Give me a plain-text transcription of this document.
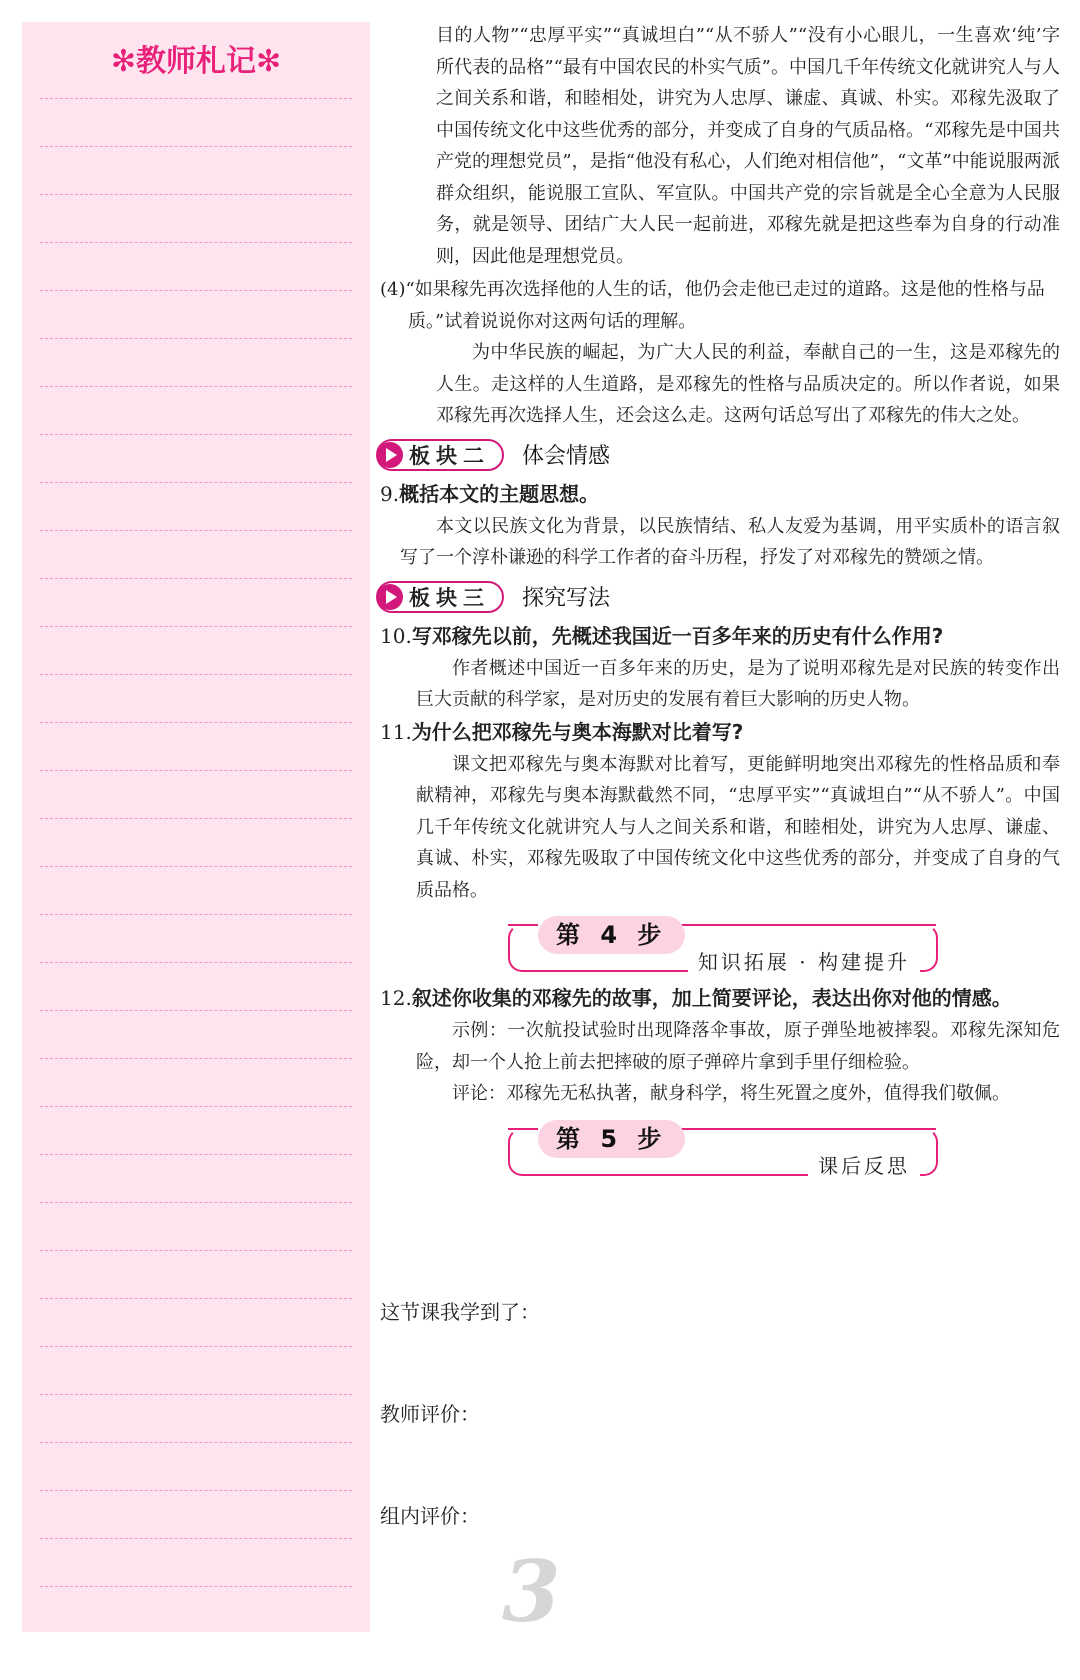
✻教师札记✻

目的人物”“忠厚平实”“真诚坦白”“从不骄人”“没有小心眼儿，一生喜欢‘纯’字所代表的品格”“最有中国农民的朴实气质”。中国几千年传统文化就讲究人与人之间关系和谐，和睦相处，讲究为人忠厚、谦虚、真诚、朴实。邓稼先汲取了中国传统文化中这些优秀的部分，并变成了自身的气质品格。“邓稼先是中国共产党的理想党员”，是指“他没有私心，人们绝对相信他”，“文革”中能说服两派群众组织，能说服工宣队、军宣队。中国共产党的宗旨就是全心全意为人民服务，就是领导、团结广大人民一起前进，邓稼先就是把这些奉为自身的行动准则，因此他是理想党员。

(4)“如果稼先再次选择他的人生的话，他仍会走他已走过的道路。这是他的性格与品质。”试着说说你对这两句话的理解。

为中华民族的崛起，为广大人民的利益，奉献自己的一生，这是邓稼先的人生。走这样的人生道路，是邓稼先的性格与品质决定的。所以作者说，如果邓稼先再次选择人生，还会这么走。这两句话总写出了邓稼先的伟大之处。

板块二 体会情感

9.概括本文的主题思想。

本文以民族文化为背景，以民族情结、私人友爱为基调，用平实质朴的语言叙写了一个淳朴谦逊的科学工作者的奋斗历程，抒发了对邓稼先的赞颂之情。

板块三 探究写法

10.写邓稼先以前，先概述我国近一百多年来的历史有什么作用?

作者概述中国近一百多年来的历史，是为了说明邓稼先是对民族的转变作出巨大贡献的科学家，是对历史的发展有着巨大影响的历史人物。

11.为什么把邓稼先与奥本海默对比着写?

课文把邓稼先与奥本海默对比着写，更能鲜明地突出邓稼先的性格品质和奉献精神，邓稼先与奥本海默截然不同，“忠厚平实”“真诚坦白”“从不骄人”。中国几千年传统文化就讲究人与人之间关系和谐，和睦相处，讲究为人忠厚、谦虚、真诚、朴实，邓稼先吸取了中国传统文化中这些优秀的部分，并变成了自身的气质品格。

第 4 步
知识拓展 · 构建提升

12.叙述你收集的邓稼先的故事，加上简要评论，表达出你对他的情感。

示例：一次航投试验时出现降落伞事故，原子弹坠地被摔裂。邓稼先深知危险，却一个人抢上前去把摔破的原子弹碎片拿到手里仔细检验。

评论：邓稼先无私执著，献身科学，将生死置之度外，值得我们敬佩。

第 5 步
课后反思

这节课我学到了：

教师评价：

组内评价：

3
